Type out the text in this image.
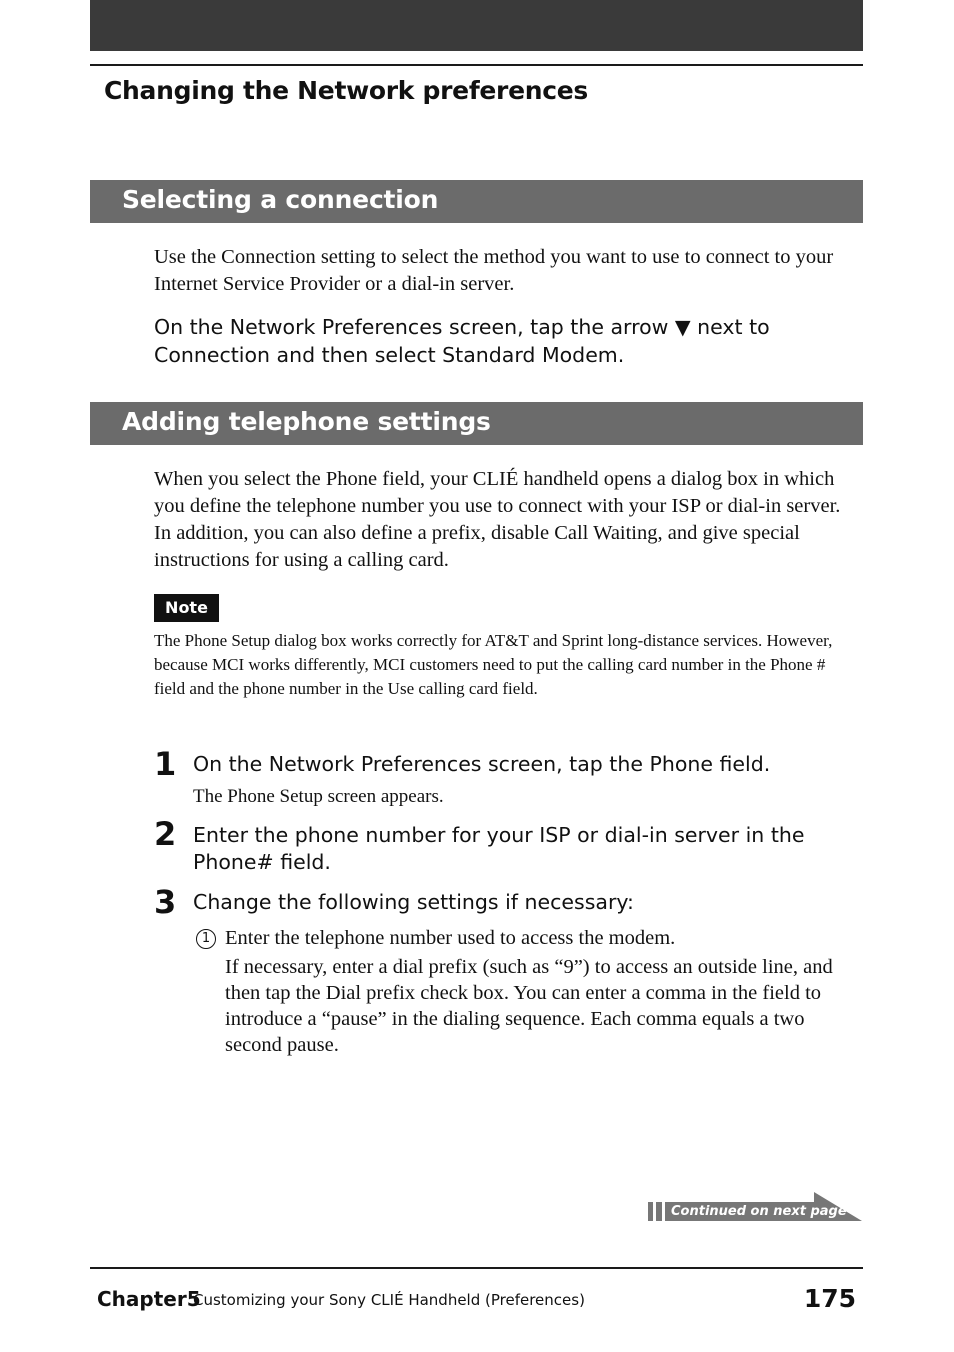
Changing the Network preferences
Selecting a connection
Use the Connection setting to select the method you want to use to connect to your Internet Service Provider or a dial-in server.
On the Network Preferences screen, tap the arrow ▼ next to Connection and then select Standard Modem.
Adding telephone settings
When you select the Phone field, your CLIÉ handheld opens a dialog box in which you define the telephone number you use to connect with your ISP or dial-in server. In addition, you can also define a prefix, disable Call Waiting, and give special instructions for using a calling card.
Note
The Phone Setup dialog box works correctly for AT&T and Sprint long-distance services. However, because MCI works differently, MCI customers need to put the calling card number in the Phone # field and the phone number in the Use calling card field.
1 On the Network Preferences screen, tap the Phone field.
The Phone Setup screen appears.
2 Enter the phone number for your ISP or dial-in server in the Phone# field.
3 Change the following settings if necessary:
1 Enter the telephone number used to access the modem.
If necessary, enter a dial prefix (such as “9”) to access an outside line, and then tap the Dial prefix check box. You can enter a comma in the field to introduce a “pause” in the dialing sequence. Each comma equals a two second pause.
Continued on next page
Chapter5
Customizing your Sony CLIÉ Handheld (Preferences)	175
